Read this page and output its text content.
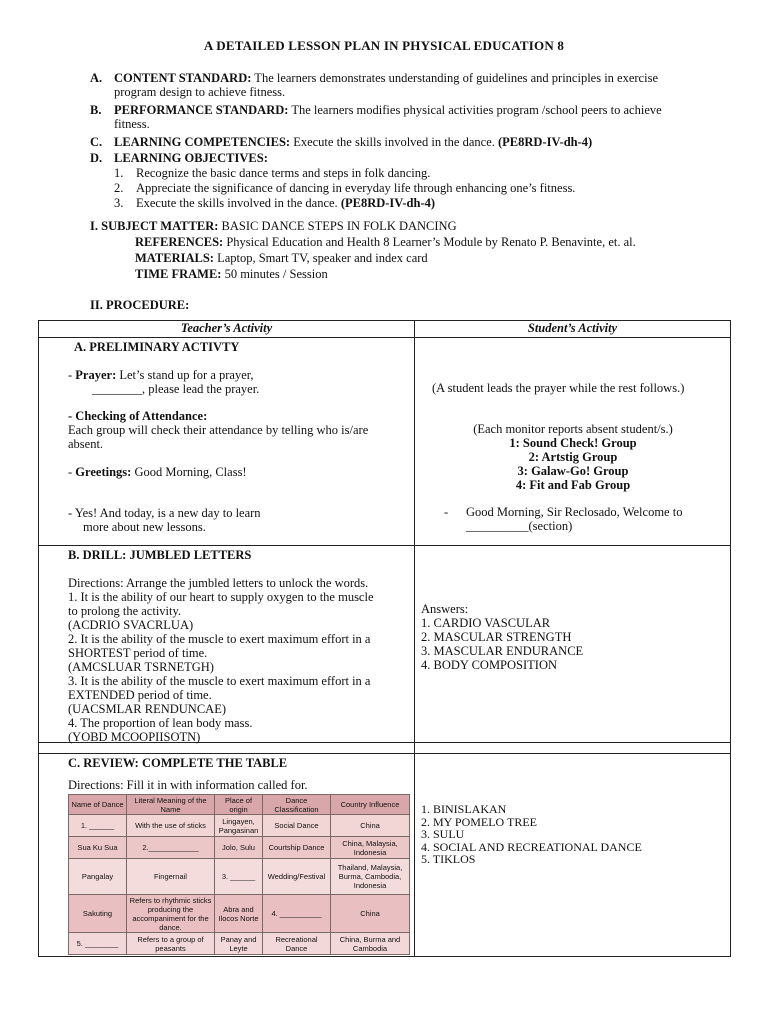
A DETAILED LESSON PLAN IN PHYSICAL EDUCATION 8
A. CONTENT STANDARD: The learners demonstrates understanding of guidelines and principles in exercise
program design to achieve fitness.
B. PERFORMANCE STANDARD: The learners modifies physical activities program /school peers to achieve
fitness.
C. LEARNING COMPETENCIES: Execute the skills involved in the dance. (PE8RD-IV-dh-4)
D. LEARNING OBJECTIVES:
1. Recognize the basic dance terms and steps in folk dancing.
2. Appreciate the significance of dancing in everyday life through enhancing one’s fitness.
3. Execute the skills involved in the dance. (PE8RD-IV-dh-4)
I. SUBJECT MATTER: BASIC DANCE STEPS IN FOLK DANCING
REFERENCES: Physical Education and Health 8 Learner’s Module by Renato P. Benavinte, et. al.
MATERIALS: Laptop, Smart TV, speaker and index card
TIME FRAME: 50 minutes / Session
II. PROCEDURE:
Teacher’s Activity	Student’s Activity

A. PRELIMINARY ACTIVTY
- Prayer: Let’s stand up for a prayer,
________, please lead the prayer.
- Checking of Attendance:
Each group will check their attendance by telling who is/are
absent.
- Greetings: Good Morning, Class!
- Yes! And today, is a new day to learn
more about new lessons.

(A student leads the prayer while the rest follows.)
(Each monitor reports absent student/s.)
1: Sound Check! Group
2: Artstig Group
3: Galaw-Go! Group
4: Fit and Fab Group
- Good Morning, Sir Reclosado, Welcome to
__________(section)

B. DRILL: JUMBLED LETTERS
Directions: Arrange the jumbled letters to unlock the words.
1. It is the ability of our heart to supply oxygen to the muscle
to prolong the activity.
(ACDRIO SVACRLUA)
2. It is the ability of the muscle to exert maximum effort in a
SHORTEST period of time.
(AMCSLUAR TSRNETGH)
3. It is the ability of the muscle to exert maximum effort in a
EXTENDED period of time.
(UACSMLAR RENDUNCAE)
4. The proportion of lean body mass.
(YOBD MCOOPIISOTN)

Answers:
1. CARDIO VASCULAR
2. MASCULAR STRENGTH
3. MASCULAR ENDURANCE
4. BODY COMPOSITION

C. REVIEW: COMPLETE THE TABLE
Directions: Fill it in with information called for.
Name of Dance	Literal Meaning of the Name	Place of origin	Dance Classification	Country Influence
1. ______	With the use of sticks	Lingayen, Pangasinan	Social Dance	China
Sua Ku Sua	2.____________	Jolo, Sulu	Courtship Dance	China, Malaysia, Indonesia
Pangalay	Fingernail	3. ______	Wedding/Festival	Thailand, Malaysia, Burma, Cambodia, Indonesia
Sakuting	Refers to rhythmic sticks producing the accompaniment for the dance.	Abra and Ilocos Norte	4. __________	China
5. ________	Refers to a group of peasants	Panay and Leyte	Recreational Dance	China, Burma and Cambodia

1. BINISLAKAN
2. MY POMELO TREE
3. SULU
4. SOCIAL AND RECREATIONAL DANCE
5. TIKLOS
